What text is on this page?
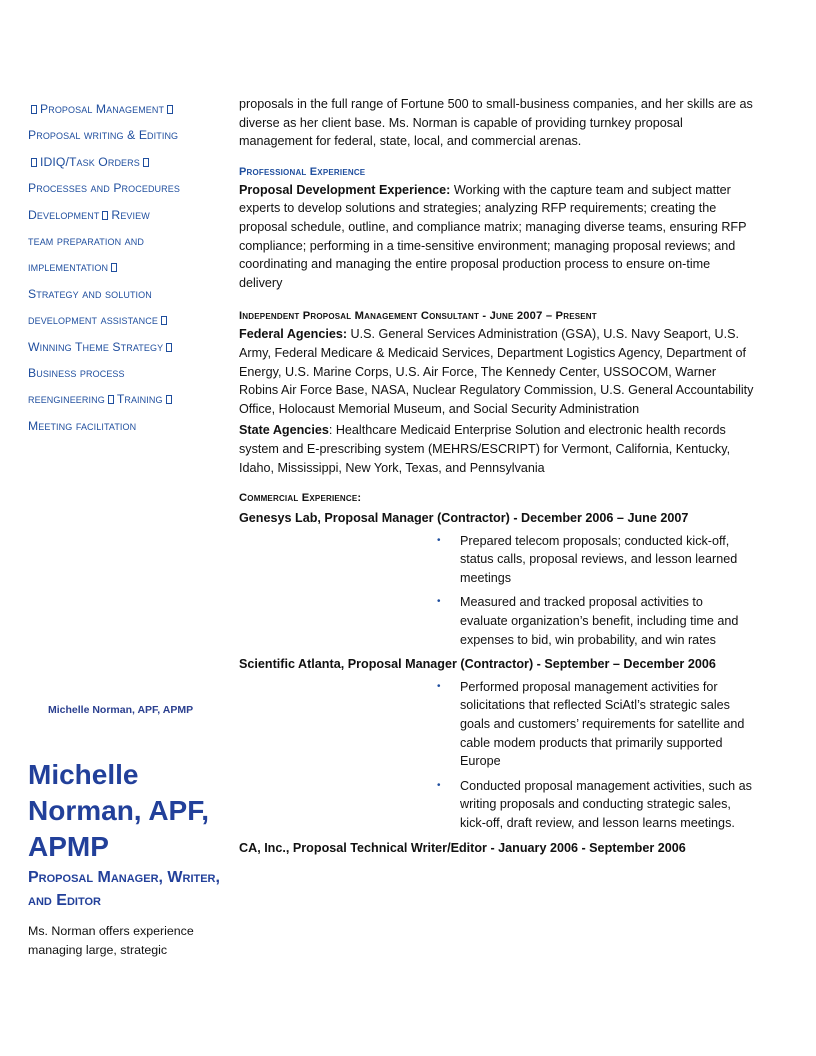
Proposal Management
Proposal writing & Editing
IDIQ/Task Orders
Processes and Procedures
Development Review
team preparation and
implementation
Strategy and solution
development assistance
Winning Theme Strategy
Business process
reengineering Training
Meeting facilitation
Michelle Norman, APF, APMP
Michelle Norman, APF, APMP
Proposal Manager, Writer, and Editor
Ms. Norman offers experience managing large, strategic

proposals in the full range of Fortune 500 to small-business companies, and her skills are as diverse as her client base. Ms. Norman is capable of providing turnkey proposal management for federal, state, local, and commercial arenas.

Professional Experience

Proposal Development Experience: Working with the capture team and subject matter experts to develop solutions and strategies; analyzing RFP requirements; creating the proposal schedule, outline, and compliance matrix; managing diverse teams, ensuring RFP compliance; performing in a time-sensitive environment; managing proposal reviews; and coordinating and managing the entire proposal production process to ensure on-time delivery

Independent Proposal Management Consultant - June 2007 – Present

Federal Agencies: U.S. General Services Administration (GSA), U.S. Navy Seaport, U.S. Army, Federal Medicare & Medicaid Services, Department Logistics Agency, Department of Energy, U.S. Marine Corps, U.S. Air Force, The Kennedy Center, USSOCOM, Warner Robins Air Force Base, NASA, Nuclear Regulatory Commission, U.S. General Accountability Office, Holocaust Memorial Museum, and Social Security Administration

State Agencies: Healthcare Medicaid Enterprise Solution and electronic health records system and E-prescribing system (MEHRS/ESCRIPT) for Vermont, California, Kentucky, Idaho, Mississippi, New York, Texas, and Pennsylvania

Commercial Experience:
Genesys Lab, Proposal Manager (Contractor) - December 2006 – June 2007
• Prepared telecom proposals; conducted kick-off, status calls, proposal reviews, and lesson learned meetings
• Measured and tracked proposal activities to evaluate organization’s benefit, including time and expenses to bid, win probability, and win rates
Scientific Atlanta, Proposal Manager (Contractor) - September – December 2006
• Performed proposal management activities for solicitations that reflected SciAtl’s strategic sales goals and customers’ requirements for satellite and cable modem products that primarily supported Europe
• Conducted proposal management activities, such as writing proposals and conducting strategic sales, kick-off, draft review, and lesson learns meetings.
CA, Inc., Proposal Technical Writer/Editor - January 2006 - September 2006
